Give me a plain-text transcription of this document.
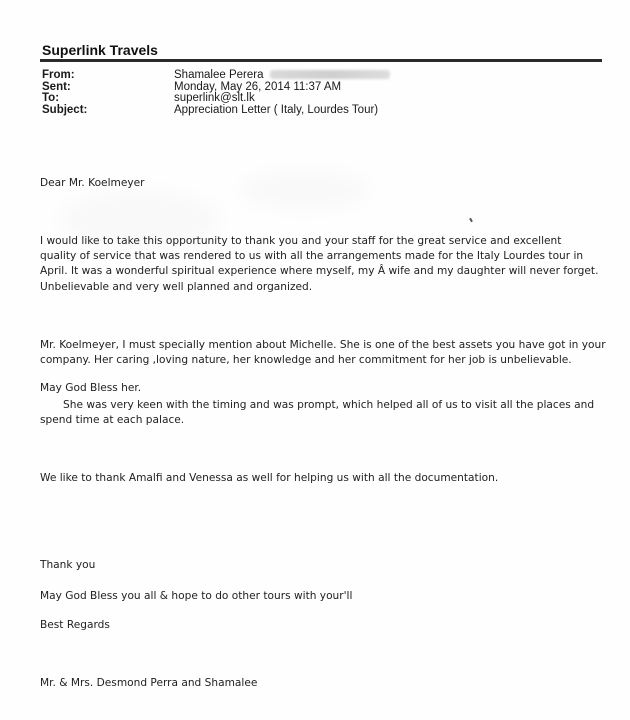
Superlink Travels
From:	Shamalee Perera
Sent:	Monday, May 26, 2014 11:37 AM
To:	superlink@slt.lk
Subject:	Appreciation Letter ( Italy, Lourdes Tour)
Dear Mr. Koelmeyer
I would like to take this opportunity to thank you and your staff for the great service and excellent quality of service that was rendered to us with all the arrangements made for the Italy Lourdes tour in April. It was a wonderful spiritual experience where myself, my Â wife and my daughter will never forget. Unbelievable and very well planned and organized.
Mr. Koelmeyer, I must specially mention about Michelle. She is one of the best assets you have got in your company. Her caring ,loving nature, her knowledge and her commitment for her job is unbelievable.
May God Bless her.
She was very keen with the timing and was prompt, which helped all of us to visit all the places and
spend time at each palace.
We like to thank Amalfi and Venessa as well for helping us with all the documentation.
Thank you
May God Bless you all & hope to do other tours with your'll
Best Regards
Mr. & Mrs. Desmond Perra and Shamalee
